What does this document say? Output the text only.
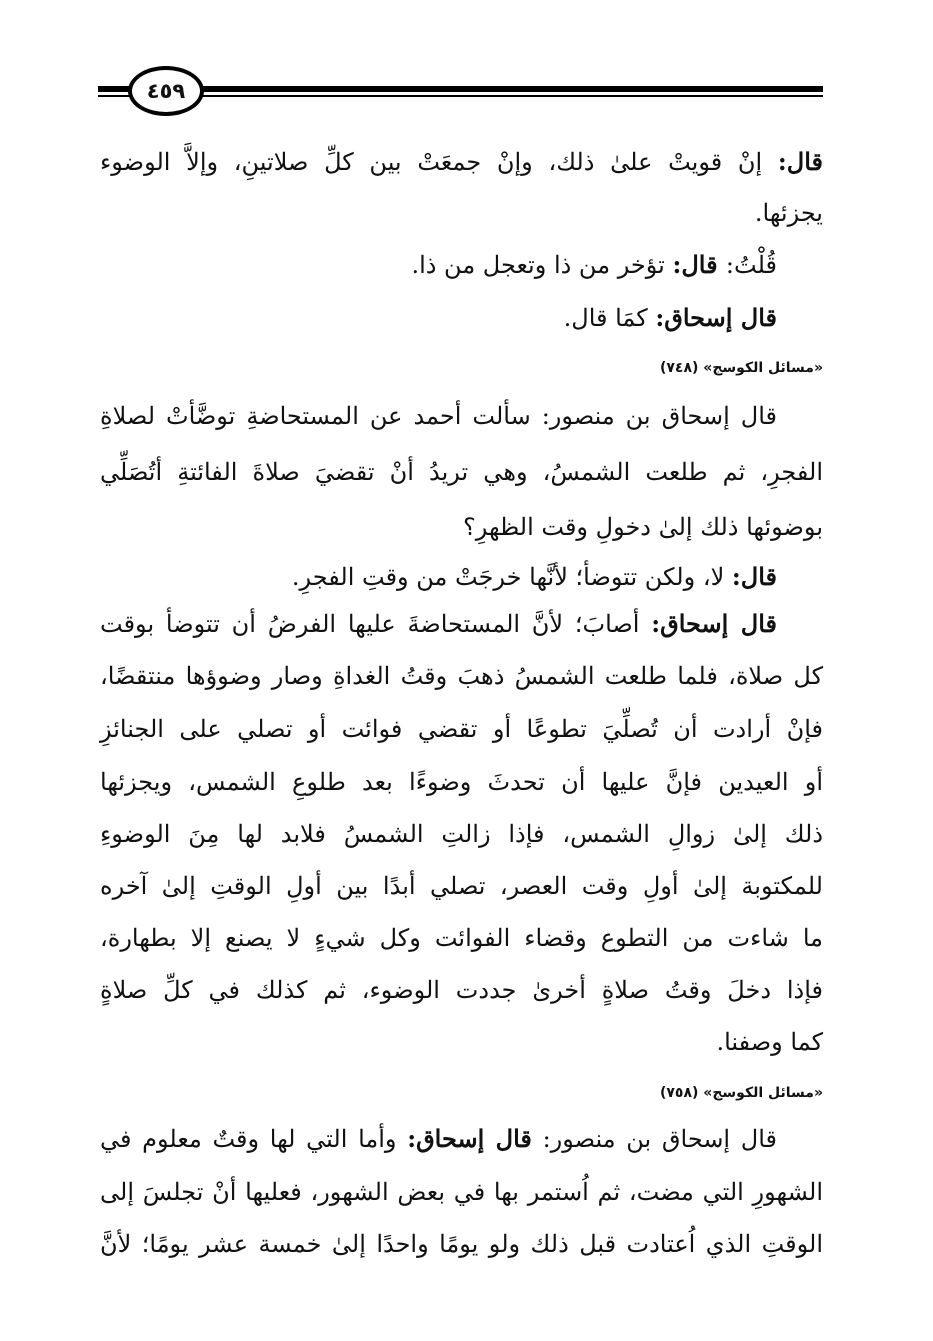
٤٥٩
قال: إنْ قويتْ علىٰ ذلك، وإنْ جمعَتْ بين كلِّ صلاتينِ، وإلاَّ الوضوء
يجزئها.
قُلْتُ: قال: تؤخر من ذا وتعجل من ذا.
قال إسحاق: كمَا قال.
«مسائل الكوسج» (٧٤٨)
قال إسحاق بن منصور: سألت أحمد عن المستحاضةِ توضَّأتْ لصلاةِ
الفجرِ، ثم طلعت الشمسُ، وهي تريدُ أنْ تقضيَ صلاةَ الفائتةِ أتُصَلِّي
بوضوئها ذلك إلىٰ دخولِ وقت الظهرِ؟
قال: لا، ولكن تتوضأ؛ لأنَّها خرجَتْ من وقتِ الفجرِ.
قال إسحاق: أصابَ؛ لأنَّ المستحاضةَ عليها الفرضُ أن تتوضأ بوقت
كل صلاة، فلما طلعت الشمسُ ذهبَ وقتُ الغداةِ وصار وضوؤها منتقضًا،
فإنْ أرادت أن تُصلِّيَ تطوعًا أو تقضي فوائت أو تصلي على الجنائزِ
أو العيدين فإنَّ عليها أن تحدثَ وضوءًا بعد طلوعِ الشمس، ويجزئها
ذلك إلىٰ زوالِ الشمس، فإذا زالتِ الشمسُ فلابد لها مِنَ الوضوءِ
للمكتوبة إلىٰ أولِ وقت العصر، تصلي أبدًا بين أولِ الوقتِ إلىٰ آخره
ما شاءت من التطوع وقضاء الفوائت وكل شيءٍ لا يصنع إلا بطهارة،
فإذا دخلَ وقتُ صلاةٍ أخرىٰ جددت الوضوء، ثم كذلك في كلِّ صلاةٍ
كما وصفنا.
«مسائل الكوسج» (٧٥٨)
قال إسحاق بن منصور: قال إسحاق: وأما التي لها وقتٌ معلوم في
الشهورِ التي مضت، ثم اُستمر بها في بعض الشهور، فعليها أنْ تجلسَ إلى
الوقتِ الذي اُعتادت قبل ذلك ولو يومًا واحدًا إلىٰ خمسة عشر يومًا؛ لأنَّ
